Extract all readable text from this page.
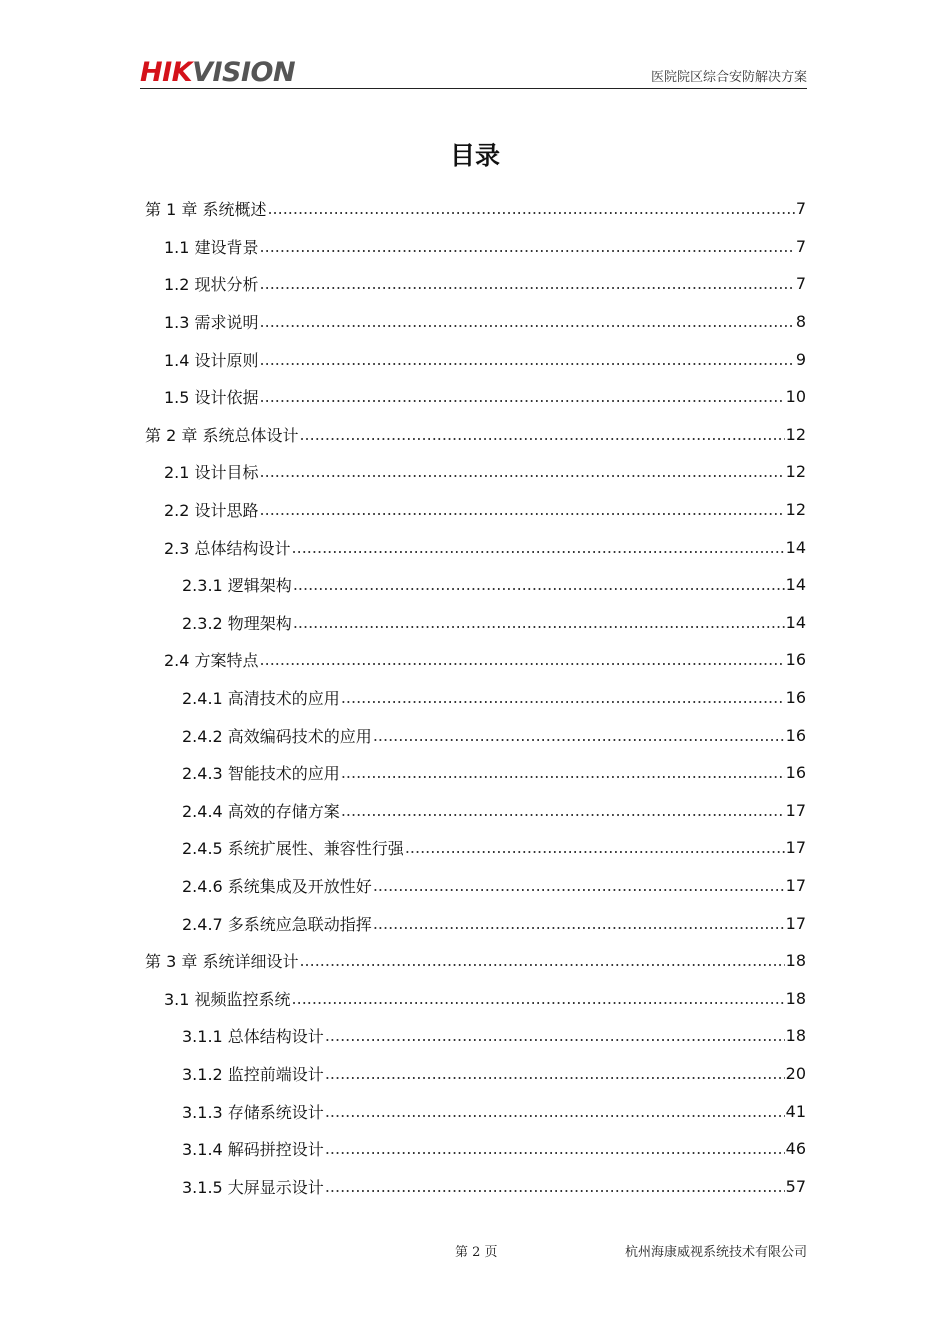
HIKVISION	医院院区综合安防解决方案
目录
第 1 章 系统概述 .....	7
1.1 建设背景 .....	7
1.2 现状分析 .....	7
1.3 需求说明 .....	8
1.4 设计原则 .....	9
1.5 设计依据 .....	10
第 2 章 系统总体设计 .....	12
2.1 设计目标 .....	12
2.2 设计思路 .....	12
2.3 总体结构设计 .....	14
2.3.1 逻辑架构 .....	14
2.3.2 物理架构 .....	14
2.4 方案特点 .....	16
2.4.1 高清技术的应用 .....	16
2.4.2 高效编码技术的应用 .....	16
2.4.3 智能技术的应用 .....	16
2.4.4 高效的存储方案 .....	17
2.4.5 系统扩展性、兼容性行强 .....	17
2.4.6 系统集成及开放性好 .....	17
2.4.7 多系统应急联动指挥 .....	17
第 3 章 系统详细设计 .....	18
3.1 视频监控系统 .....	18
3.1.1 总体结构设计 .....	18
3.1.2 监控前端设计 .....	20
3.1.3 存储系统设计 .....	41
3.1.4 解码拼控设计 .....	46
3.1.5 大屏显示设计 .....	57
第 2 页	杭州海康威视系统技术有限公司
